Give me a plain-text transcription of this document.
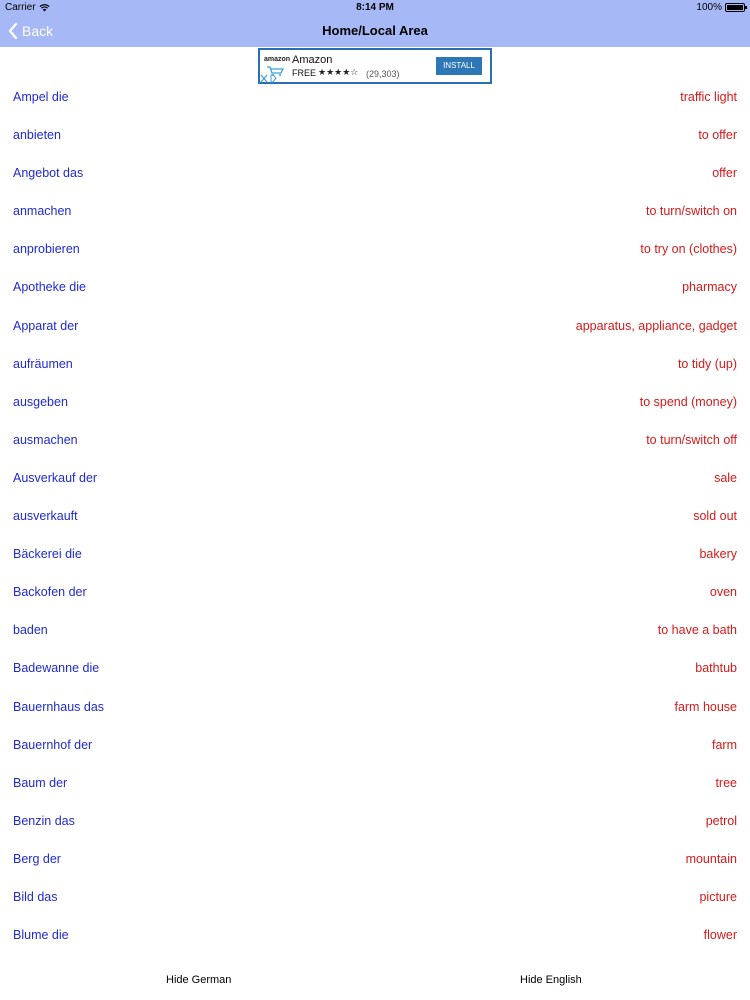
Carrier	8:14 PM	100%
Back	Home/Local Area
amazon Amazon
FREE ★★★★☆ (29,303)
INSTALL
Ampel die	traffic light
anbieten	to offer
Angebot das	offer
anmachen	to turn/switch on
anprobieren	to try on (clothes)
Apotheke die	pharmacy
Apparat der	apparatus, appliance, gadget
aufräumen	to tidy (up)
ausgeben	to spend (money)
ausmachen	to turn/switch off
Ausverkauf der	sale
ausverkauft	sold out
Bäckerei die	bakery
Backofen der	oven
baden	to have a bath
Badewanne die	bathtub
Bauernhaus das	farm house
Bauernhof der	farm
Baum der	tree
Benzin das	petrol
Berg der	mountain
Bild das	picture
Blume die	flower
Hide German	Hide English
